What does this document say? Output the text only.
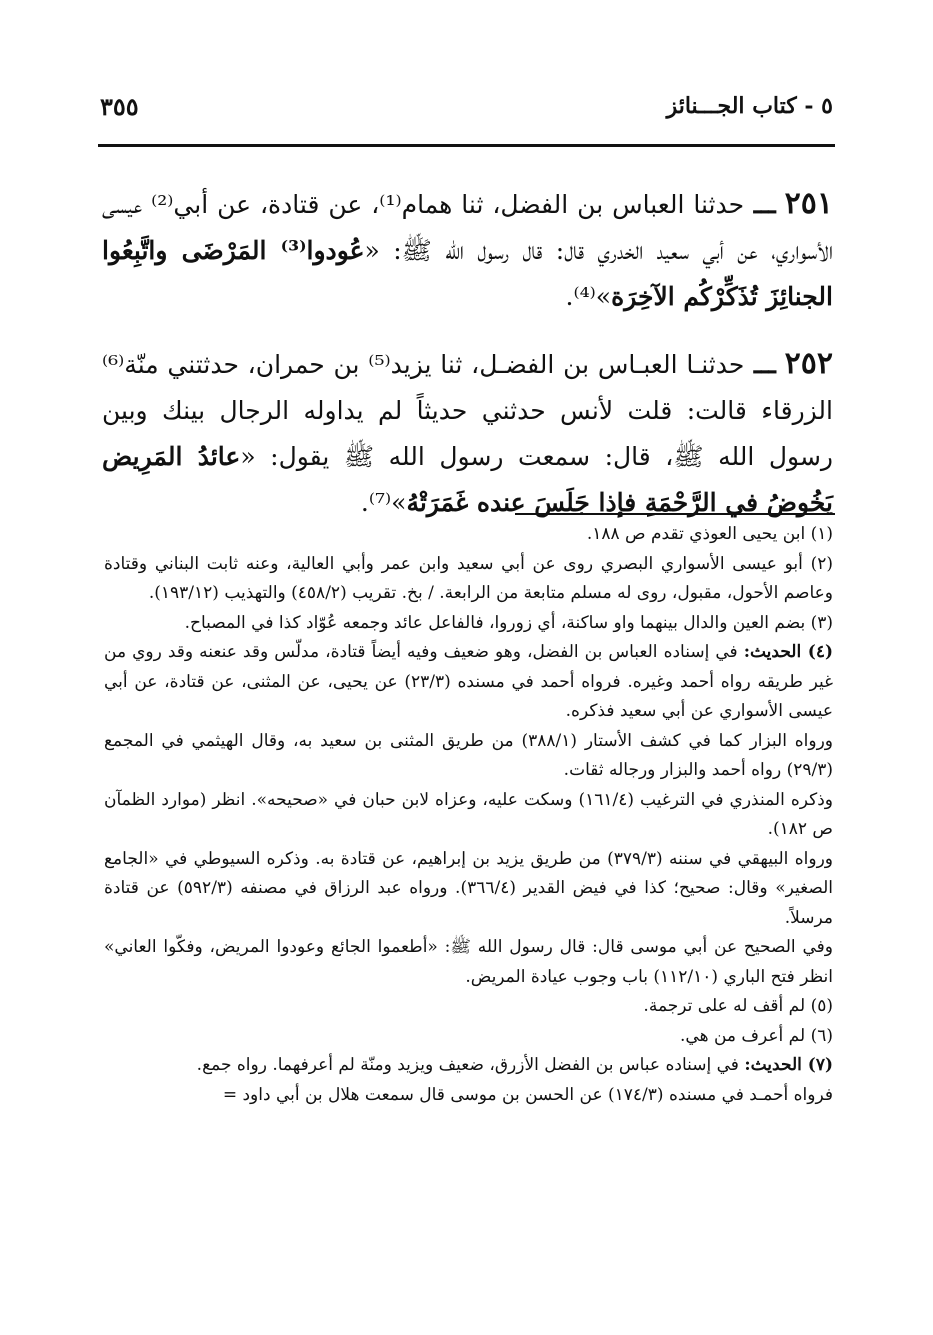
٥ - كتاب الجـــنائز
٣٥٥

٢٥١ ـــ حدثنا العباس بن الفضل، ثنا همام⁽¹⁾، عن قتادة، عن أبي⁽²⁾ عيسى الأسواري، عن أبي سعيد الخدري قال: قال رسول الله ﷺ: «عُودوا⁽³⁾ المَرْضَى واتَّبِعُوا الجنائِزَ تُذَكِّرْكُم الآخِرَة»⁽⁴⁾.

٢٥٢ ـــ حدثنـا العبـاس بن الفضـل، ثنا يزيد⁽⁵⁾ بن حمران، حدثتني منّة⁽⁶⁾ الزرقاء قالت: قلت لأنس حدثني حديثاً لم يداوله الرجال بينك وبين رسول الله ﷺ، قال: سمعت رسول الله ﷺ يقول: «عائدُ المَرِيض يَخُوضُ في الرَّحْمَةِ فإذا جَلَسَ عنده غَمَرَتْهُ»⁽⁷⁾.

(١) ابن يحيى العوذي تقدم ص ١٨٨.

(٢) أبو عيسى الأسواري البصري روى عن أبي سعيد وابن عمر وأبي العالية، وعنه ثابت البناني وقتادة وعاصم الأحول، مقبول، روى له مسلم متابعة من الرابعة. / بخ. تقريب (٤٥٨/٢) والتهذيب (١٩٣/١٢).

(٣) بضم العين والدال بينهما واو ساكنة، أي زوروا، فالفاعل عائد وجمعه عُوّاد كذا في المصباح.

(٤) الحديث: في إسناده العباس بن الفضل، وهو ضعيف وفيه أيضاً قتادة، مدلّس وقد عنعنه وقد روي من غير طريقه رواه أحمد وغيره. فرواه أحمد في مسنده (٢٣/٣) عن يحيى، عن المثنى، عن قتادة، عن أبي عيسى الأسواري عن أبي سعيد فذكره.

ورواه البزار كما في كشف الأستار (٣٨٨/١) من طريق المثنى بن سعيد به، وقال الهيثمي في المجمع (٢٩/٣) رواه أحمد والبزار ورجاله ثقات.

وذكره المنذري في الترغيب (١٦١/٤) وسكت عليه، وعزاه لابن حبان في «صحيحه». انظر (موارد الظمآن ص ١٨٢).

ورواه البيهقي في سننه (٣٧٩/٣) من طريق يزيد بن إبراهيم، عن قتادة به. وذكره السيوطي في «الجامع الصغير» وقال: صحيح؛ كذا في فيض القدير (٣٦٦/٤). ورواه عبد الرزاق في مصنفه (٥٩٢/٣) عن قتادة مرسلاً.

وفي الصحيح عن أبي موسى قال: قال رسول الله ﷺ: «أطعموا الجائع وعودوا المريض، وفكّوا العاني» انظر فتح الباري (١١٢/١٠) باب وجوب عيادة المريض.

(٥) لم أقف له على ترجمة.

(٦) لم أعرف من هي.

(٧) الحديث: في إسناده عباس بن الفضل الأزرق، ضعيف ويزيد ومنّة لم أعرفهما. رواه جمع.

فرواه أحمـد في مسنده (١٧٤/٣) عن الحسن بن موسى قال سمعت هلال بن أبي داود =
